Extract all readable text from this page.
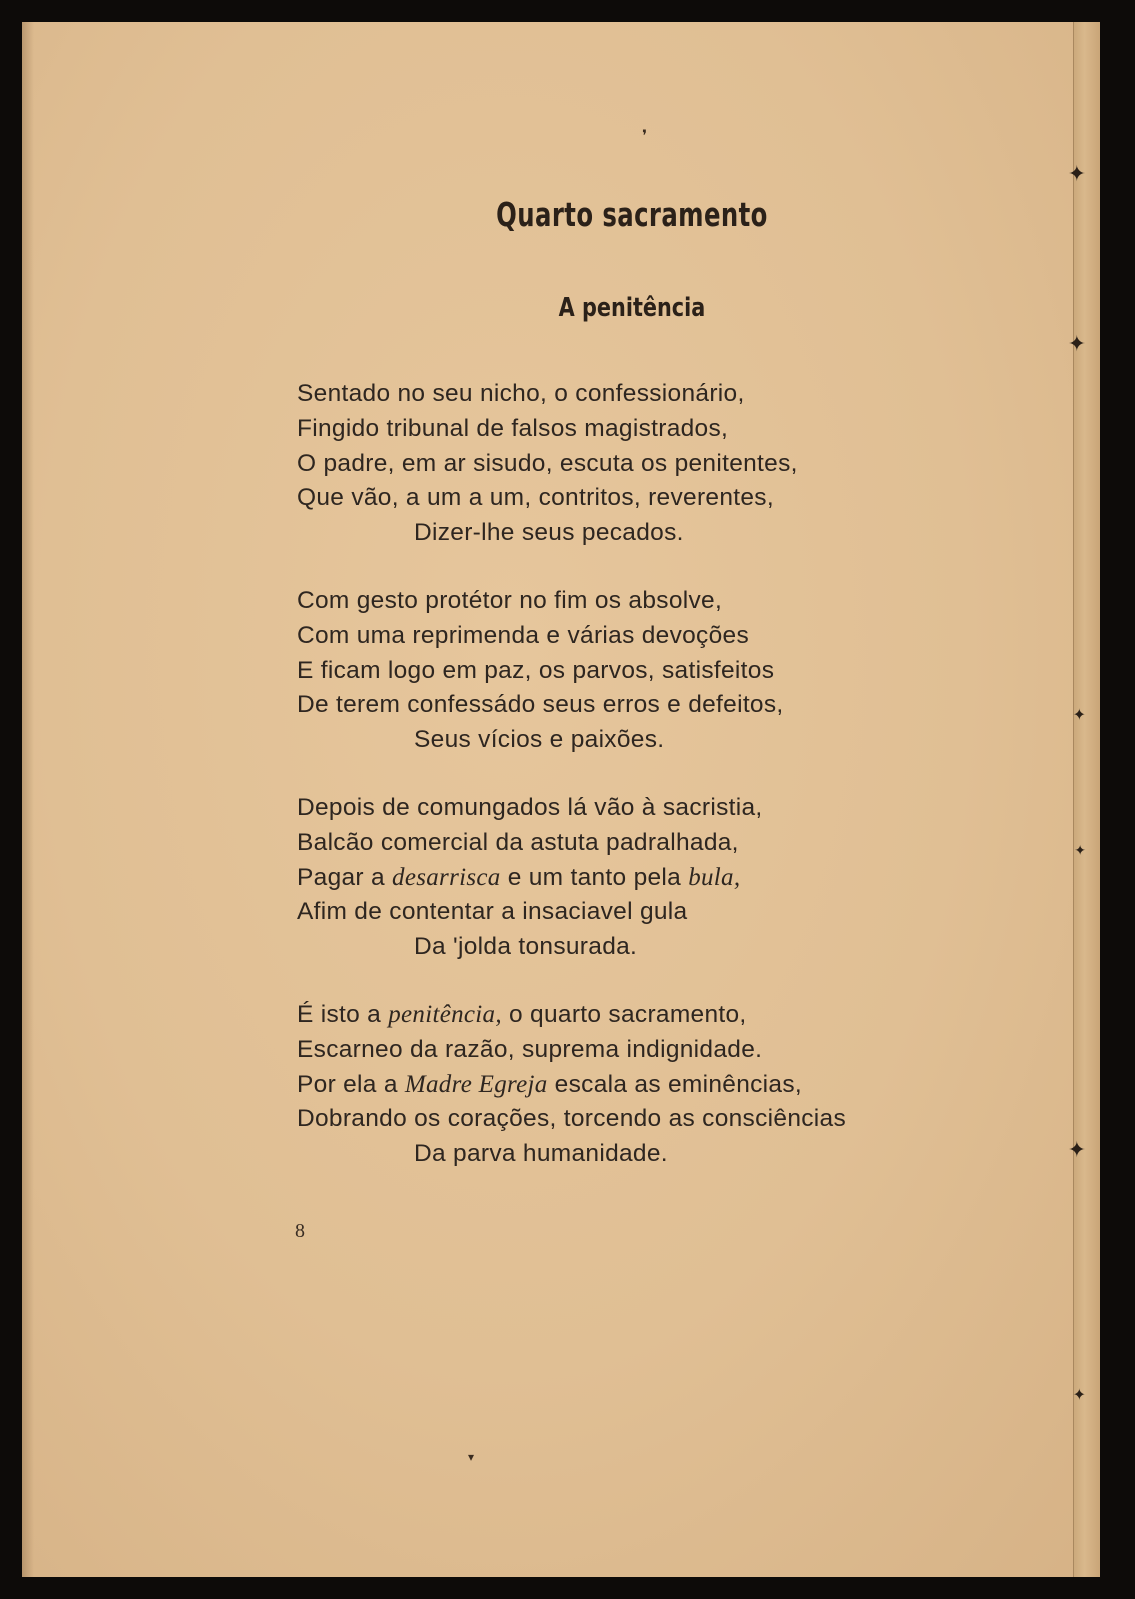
✦
✦
✦
✦
✦
✦
❜
▾
Quarto sacramento
A penitência
Sentado no seu nicho, o confessionário,
Fingido tribunal de falsos magistrados,
O padre, em ar sisudo, escuta os penitentes,
Que vão, a um a um, contritos, reverentes,
Dizer-lhe seus pecados.
Com gesto protétor no fim os absolve,
Com uma reprimenda e várias devoções
E ficam logo em paz, os parvos, satisfeitos
De terem confessádo seus erros e defeitos,
Seus vícios e paixões.
Depois de comungados lá vão à sacristia,
Balcão comercial da astuta padralhada,
Pagar a desarrisca e um tanto pela bula,
Afim de contentar a insaciavel gula
Da 'jolda tonsurada.
É isto a penitência, o quarto sacramento,
Escarneo da razão, suprema indignidade.
Por ela a Madre Egreja escala as eminências,
Dobrando os corações, torcendo as consciências
Da parva humanidade.
8
